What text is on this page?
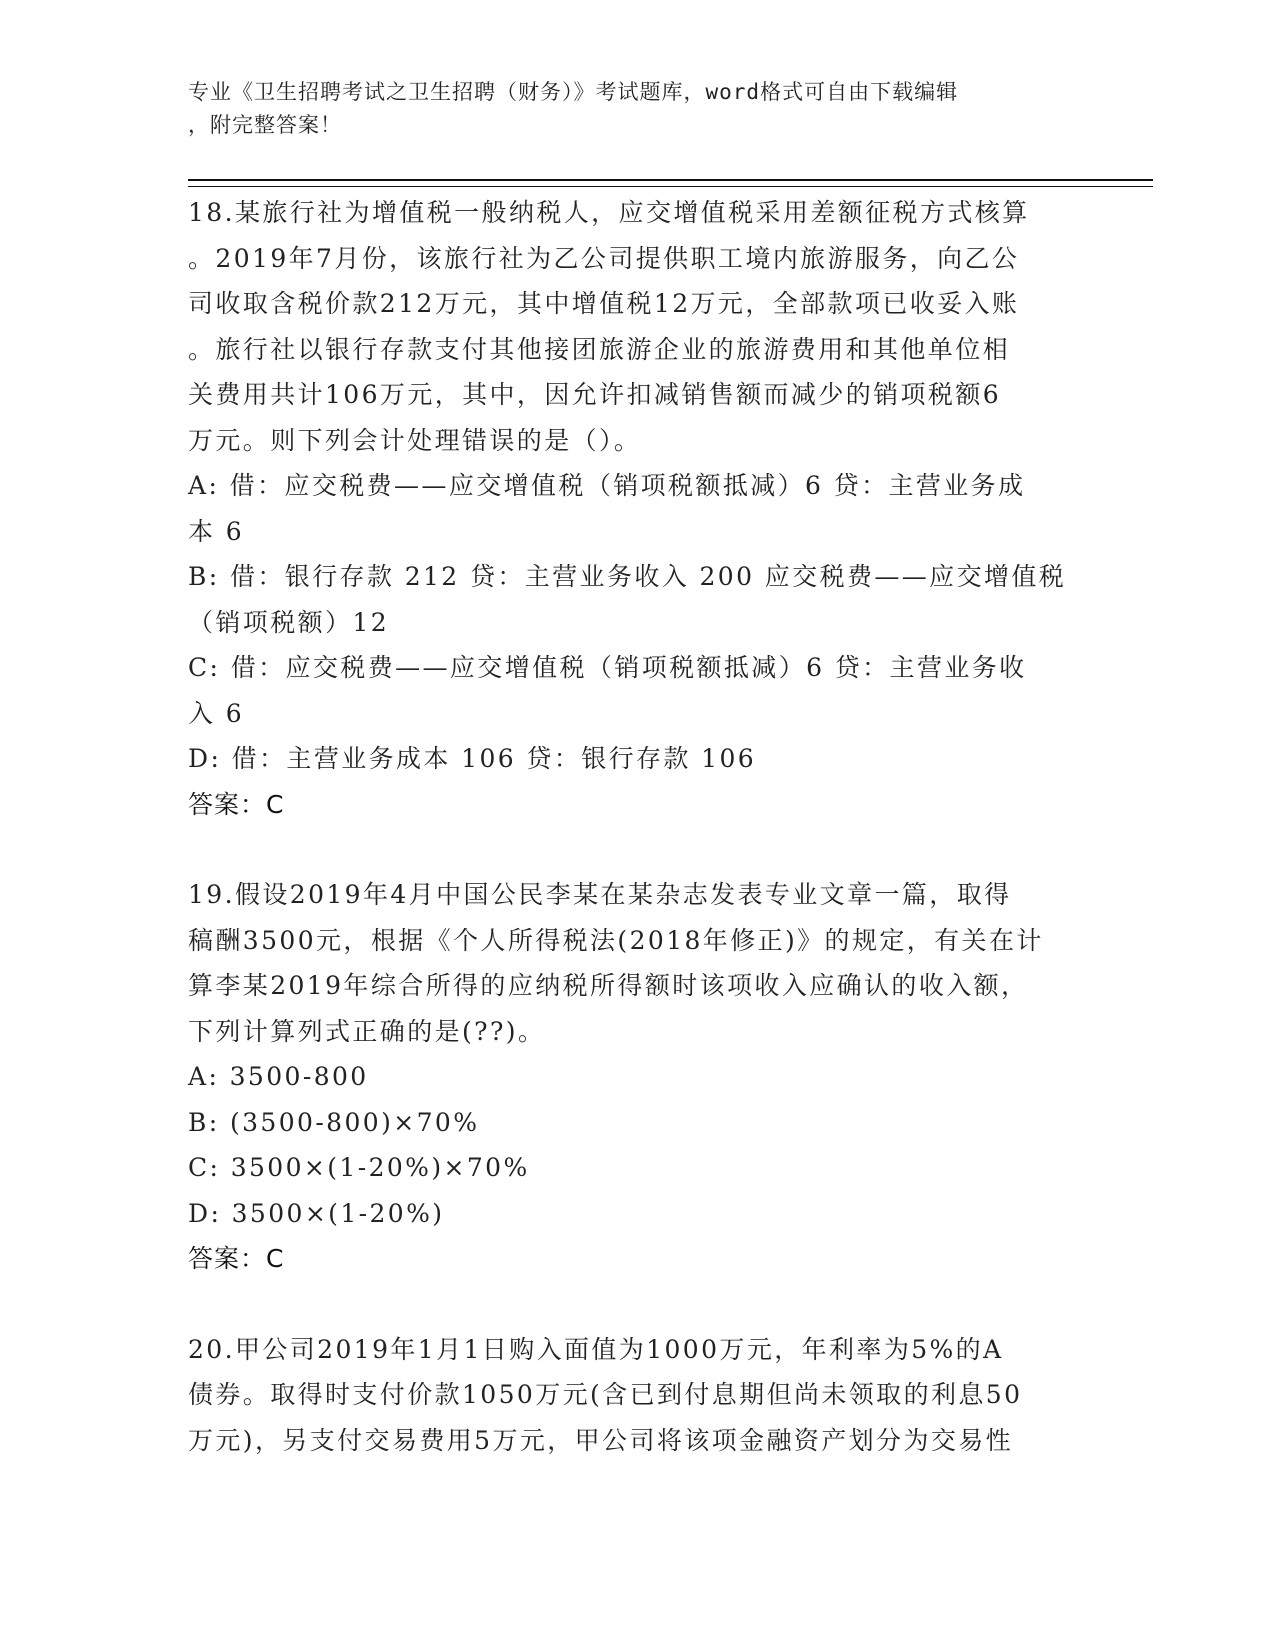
专业《卫生招聘考试之卫生招聘（财务）》考试题库，word格式可自由下载编辑
，附完整答案！
18.某旅行社为增值税一般纳税人，应交增值税采用差额征税方式核算
。2019年7月份，该旅行社为乙公司提供职工境内旅游服务，向乙公
司收取含税价款212万元，其中增值税12万元，全部款项已收妥入账
。旅行社以银行存款支付其他接团旅游企业的旅游费用和其他单位相
关费用共计106万元，其中，因允许扣减销售额而减少的销项税额6
万元。则下列会计处理错误的是（）。
A: 借：应交税费——应交增值税（销项税额抵减）6 贷：主营业务成
本 6
B: 借：银行存款 212 贷：主营业务收入 200 应交税费——应交增值税
（销项税额）12
C: 借：应交税费——应交增值税（销项税额抵减）6 贷：主营业务收
入 6
D: 借：主营业务成本 106 贷：银行存款 106
答案：C
19.假设2019年4月中国公民李某在某杂志发表专业文章一篇，取得
稿酬3500元，根据《个人所得税法(2018年修正)》的规定，有关在计
算李某2019年综合所得的应纳税所得额时该项收入应确认的收入额，
下列计算列式正确的是(??)。
A: 3500-800
B: (3500-800)×70%
C: 3500×(1-20%)×70%
D: 3500×(1-20%)
答案：C
20.甲公司2019年1月1日购入面值为1000万元，年利率为5%的A
债券。取得时支付价款1050万元(含已到付息期但尚未领取的利息50
万元)，另支付交易费用5万元，甲公司将该项金融资产划分为交易性
